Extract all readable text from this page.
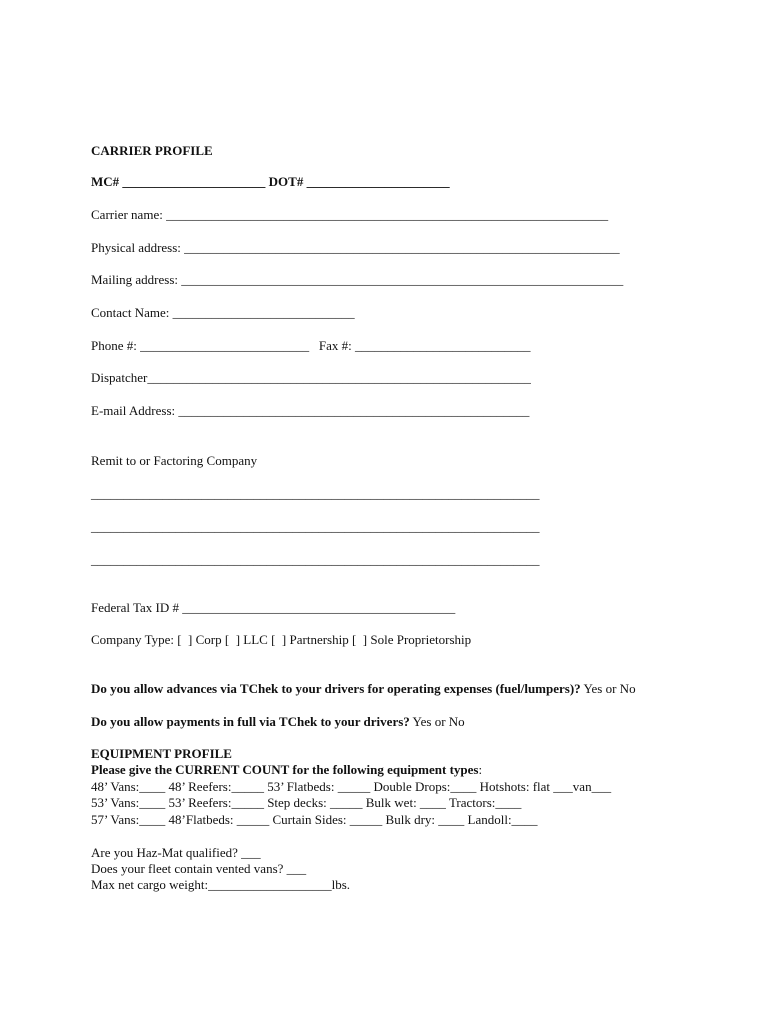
CARRIER PROFILE
MC# ______________________ DOT# ______________________
Carrier name: ____________________________________________________________________
Physical address: ___________________________________________________________________
Mailing address: ____________________________________________________________________
Contact Name: ____________________________
Phone #: __________________________   Fax #: ___________________________
Dispatcher___________________________________________________________
E-mail Address: ______________________________________________________
Remit to or Factoring Company
_____________________________________________________________________
_____________________________________________________________________
_____________________________________________________________________
Federal Tax ID # __________________________________________
Company Type: [  ] Corp [  ] LLC [  ] Partnership [  ] Sole Proprietorship
Do you allow advances via TChek to your drivers for operating expenses (fuel/lumpers)? Yes or No
Do you allow payments in full via TChek to your drivers? Yes or No
EQUIPMENT PROFILE
Please give the CURRENT COUNT for the following equipment types:
48’ Vans:____ 48’ Reefers:_____ 53’ Flatbeds: _____ Double Drops:____ Hotshots: flat ___van___
53’ Vans:____ 53’ Reefers:_____ Step decks: _____ Bulk wet: ____ Tractors:____
57’ Vans:____ 48’Flatbeds: _____ Curtain Sides: _____ Bulk dry: ____ Landoll:____
Are you Haz-Mat qualified? ___
Does your fleet contain vented vans? ___
Max net cargo weight:___________________lbs.
